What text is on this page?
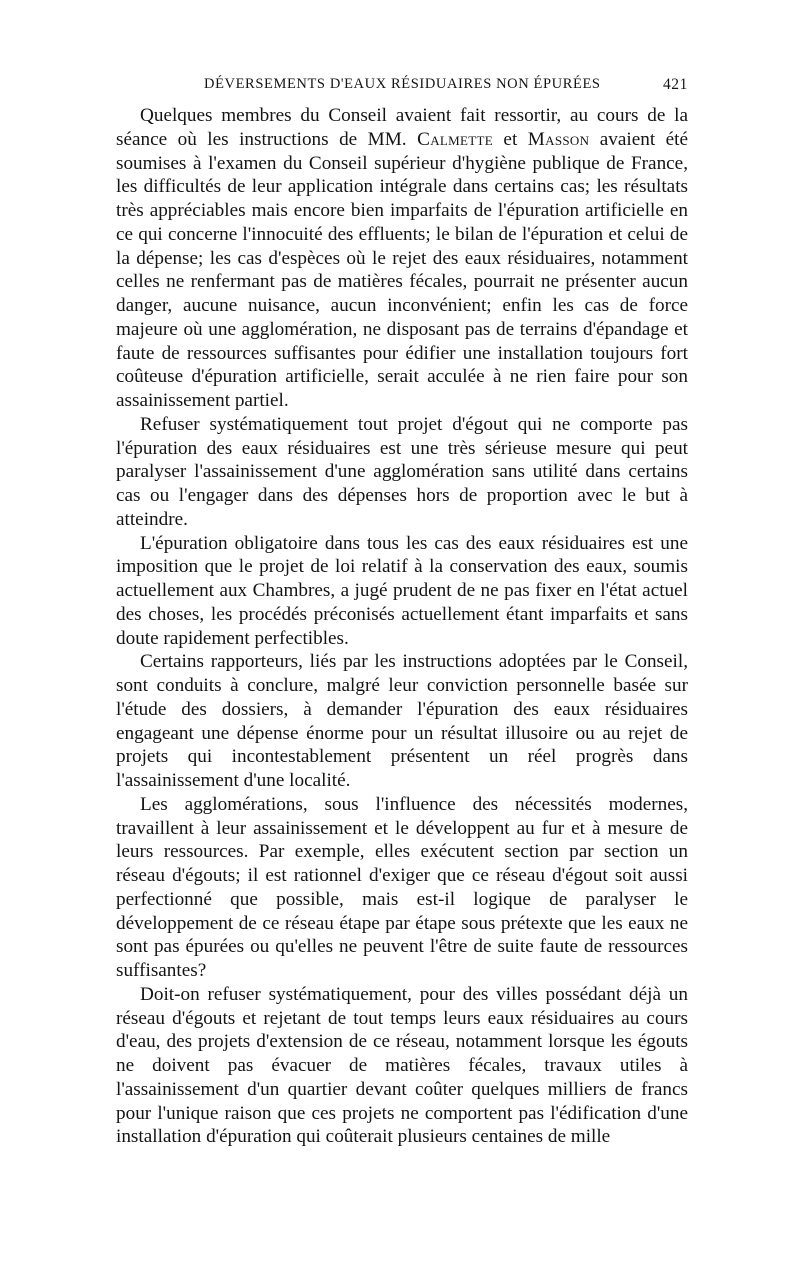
DÉVERSEMENTS D'EAUX RÉSIDUAIRES NON ÉPURÉES	421

Quelques membres du Conseil avaient fait ressortir, au cours de la séance où les instructions de MM. Calmette et Masson avaient été soumises à l'examen du Conseil supérieur d'hygiène publique de France, les difficultés de leur application intégrale dans certains cas; les résultats très appréciables mais encore bien imparfaits de l'épuration artificielle en ce qui concerne l'innocuité des effluents; le bilan de l'épuration et celui de la dépense; les cas d'espèces où le rejet des eaux résiduaires, notamment celles ne renfermant pas de matières fécales, pourrait ne présenter aucun danger, aucune nuisance, aucun inconvénient; enfin les cas de force majeure où une agglomération, ne disposant pas de terrains d'épandage et faute de ressources suffisantes pour édifier une installation toujours fort coûteuse d'épuration artificielle, serait acculée à ne rien faire pour son assainissement partiel.

Refuser systématiquement tout projet d'égout qui ne comporte pas l'épuration des eaux résiduaires est une très sérieuse mesure qui peut paralyser l'assainissement d'une agglomération sans utilité dans certains cas ou l'engager dans des dépenses hors de proportion avec le but à atteindre.

L'épuration obligatoire dans tous les cas des eaux résiduaires est une imposition que le projet de loi relatif à la conservation des eaux, soumis actuellement aux Chambres, a jugé prudent de ne pas fixer en l'état actuel des choses, les procédés préconisés actuellement étant imparfaits et sans doute rapidement perfectibles.

Certains rapporteurs, liés par les instructions adoptées par le Conseil, sont conduits à conclure, malgré leur conviction personnelle basée sur l'étude des dossiers, à demander l'épuration des eaux résiduaires engageant une dépense énorme pour un résultat illusoire ou au rejet de projets qui incontestablement présentent un réel progrès dans l'assainissement d'une localité.

Les agglomérations, sous l'influence des nécessités modernes, travaillent à leur assainissement et le développent au fur et à mesure de leurs ressources. Par exemple, elles exécutent section par section un réseau d'égouts; il est rationnel d'exiger que ce réseau d'égout soit aussi perfectionné que possible, mais est-il logique de paralyser le développement de ce réseau étape par étape sous prétexte que les eaux ne sont pas épurées ou qu'elles ne peuvent l'être de suite faute de ressources suffisantes?

Doit-on refuser systématiquement, pour des villes possédant déjà un réseau d'égouts et rejetant de tout temps leurs eaux résiduaires au cours d'eau, des projets d'extension de ce réseau, notamment lorsque les égouts ne doivent pas évacuer de matières fécales, travaux utiles à l'assainissement d'un quartier devant coûter quelques milliers de francs pour l'unique raison que ces projets ne comportent pas l'édification d'une installation d'épuration qui coûterait plusieurs centaines de mille
